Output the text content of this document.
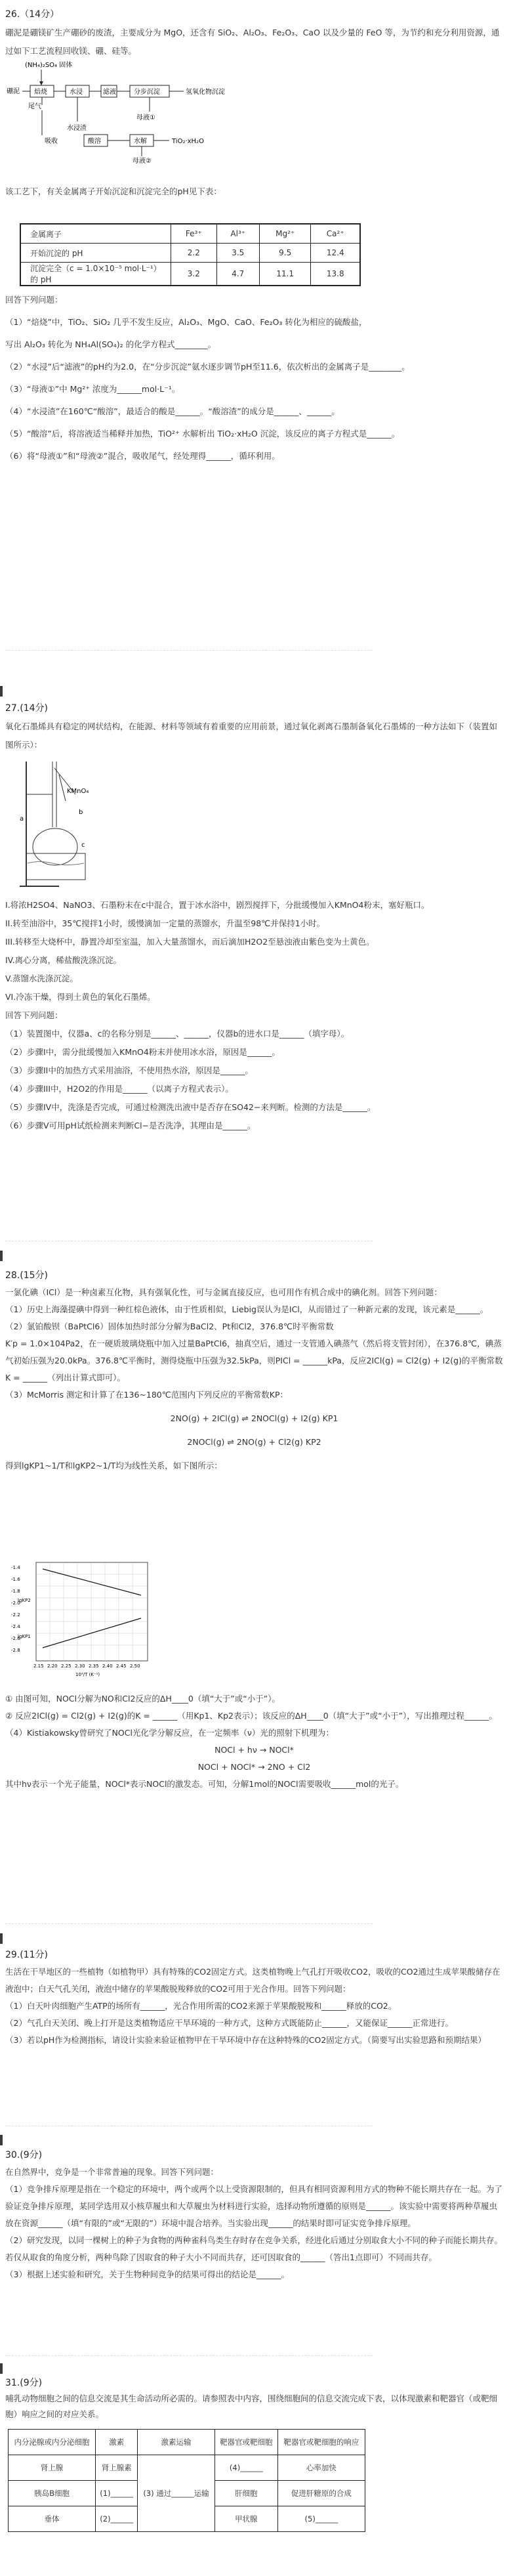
26.（14分）

硼泥是硼镁矿生产硼砂的废渣，主要成分为 MgO，还含有 SiO₂、Al₂O₃、Fe₂O₃、CaO 以及少量的 FeO 等，为节约和充分利用资源，通过如下工艺流程回收镁、硼、硅等。

(NH₄)₂SO₄ 固体
硼泥 焙烧	水浸	滤液	分步沉淀	氢氧化物沉淀
尾气
水浸渣
母液①
酸溶	水解	TiO₂·xH₂O
母液②
吸收

该工艺下，有关金属离子开始沉淀和沉淀完全的pH见下表：

金属离子	Fe³⁺	Al³⁺	Mg²⁺	Ca²⁺
开始沉淀的 pH	2.2	3.5	9.5	12.4
沉淀完全（c = 1.0×10⁻⁵ mol·L⁻¹）的 pH	3.2	4.7	11.1	13.8

回答下列问题：

（1）“焙烧”中，TiO₂、SiO₂ 几乎不发生反应，Al₂O₃、MgO、CaO、Fe₂O₃ 转化为相应的硫酸盐，

写出 Al₂O₃ 转化为 NH₄Al(SO₄)₂ 的化学方程式________。

（2）“水浸”后“滤液”的pH约为2.0，在“分步沉淀”氨水逐步调节pH至11.6，依次析出的金属离子是________。

（3）“母液①”中 Mg²⁺ 浓度为______mol·L⁻¹。

（4）“水浸渣”在160℃“酸溶”，最适合的酸是______。“酸溶渣”的成分是______、______。

（5）“酸溶”后，将溶液适当稀释并加热，TiO²⁺ 水解析出 TiO₂·xH₂O 沉淀，该反应的离子方程式是______。

（6）将“母液①”和“母液②”混合，吸收尾气，经处理得______，循环利用。

27.(14分)

氧化石墨烯具有稳定的网状结构，在能源、材料等领域有着重要的应用前景，通过氧化剥离石墨制备氧化石墨烯的一种方法如下（装置如图所示）：

KMnO₄
a
b
c

I.将浓H2SO4、NaNO3、石墨粉末在c中混合，置于冰水浴中，剧烈搅拌下，分批缓慢加入KMnO4粉末，塞好瓶口。

II.转至油浴中，35℃搅拌1小时，缓慢滴加一定量的蒸馏水，升温至98℃并保持1小时。

III.转移至大烧杯中，静置冷却至室温，加入大量蒸馏水，而后滴加H2O2至悬浊液由紫色变为土黄色。

IV.离心分离，稀盐酸洗涤沉淀。

V.蒸馏水洗涤沉淀。

VI.冷冻干燥，得到土黄色的氧化石墨烯。

回答下列问题：

（1）装置图中，仪器a、c的名称分别是______、______，仪器b的进水口是______（填字母）。

（2）步骤I中，需分批缓慢加入KMnO4粉末并使用冰水浴，原因是______。

（3）步骤II中的加热方式采用油浴，不使用热水浴，原因是______。

（4）步骤III中，H2O2的作用是______（以离子方程式表示）。

（5）步骤IV中，洗涤是否完成，可通过检测洗出液中是否存在SO42−来判断。检测的方法是______。

（6）步骤V可用pH试纸检测来判断Cl−是否洗净，其理由是______。

28.(15分)

一氯化碘（ICl）是一种卤素互化物，具有强氧化性，可与金属直接反应，也可用作有机合成中的碘化剂。回答下列问题：

（1）历史上海藻提碘中得到一种红棕色液体，由于性质相似，Liebig误认为是ICl，从而错过了一种新元素的发现，该元素是______。

（2）氯铂酸钡（BaPtCl6）固体加热时部分分解为BaCl2、Pt和Cl2，376.8℃时平衡常数

K′p = 1.0×104Pa2，在一硬质玻璃烧瓶中加入过量BaPtCl6，抽真空后，通过一支管通入碘蒸气（然后将支管封闭），在376.8℃，碘蒸气初始压强为20.0kPa。376.8℃平衡时，测得烧瓶中压强为32.5kPa，则PICl = ______kPa，反应2ICl(g) = Cl2(g) + I2(g)的平衡常数K = ______（列出计算式即可）。

（3）McMorris 测定和计算了在136~180℃范围内下列反应的平衡常数KP：

2NO(g) + 2ICl(g) ⇌ 2NOCl(g) + I2(g) KP1

2NOCl(g) ⇌ 2NO(g) + Cl2(g) KP2

得到lgKP1~1/T和lgKP2~1/T均为线性关系，如下图所示：

-1.4
-1.6
-1.8
-2.0
-2.2
-2.4
-2.6
-2.8
lgKP2
lgKP1
2.15 2.20 2.25 2.30 2.35 2.40 2.45 2.50
10³/T (K⁻¹)

① 由图可知，NOCl分解为NO和Cl2反应的ΔH____0（填“大于”或“小于”）。

② 反应2ICl(g) = Cl2(g) + I2(g)的K = ______（用Kp1、Kp2表示）；该反应的ΔH____0（填“大于”或“小于”），写出推理过程______。

（4）Kistiakowsky曾研究了NOCl光化学分解反应，在一定频率（ν）光的照射下机理为：

NOCl + hν → NOCl*

NOCl + NOCl* → 2NO + Cl2

其中hν表示一个光子能量，NOCl*表示NOCl的激发态。可知，分解1mol的NOCl需要吸收______mol的光子。

29.(11分)

生活在干旱地区的一些植物（如植物甲）具有特殊的CO2固定方式。这类植物晚上气孔打开吸收CO2，吸收的CO2通过生成苹果酸储存在液泡中；白天气孔关闭，液泡中储存的苹果酸脱羧释放的CO2可用于光合作用。回答下列问题：

（1）白天叶肉细胞产生ATP的场所有______，光合作用所需的CO2来源于苹果酸脱羧和______释放的CO2。

（2）气孔白天关闭、晚上打开是这类植物适应干旱环境的一种方式，这种方式既能防止______，又能保证______正常进行。

（3）若以pH作为检测指标，请设计实验来验证植物甲在干旱环境中存在这种特殊的CO2固定方式。（简要写出实验思路和预期结果）

30.(9分)

在自然界中，竞争是一个非常普遍的现象。回答下列问题：

（1）竞争排斥原理是指在一个稳定的环境中，两个或两个以上受资源限制的，但具有相同资源利用方式的物种不能长期共存在一起。为了验证竞争排斥原理，某同学选用双小核草履虫和大草履虫为材料进行实验，选择动物所遵循的原则是______。该实验中需要将两种草履虫放在资源______（填“有限的”或“无限的”）环境中混合培养。当实验出现______的结果时即可证实竞争排斥原理。

（2）研究发现，以同一棵树上的种子为食物的两种雀科鸟类生存时存在竞争关系，经进化后通过分别取食大小不同的种子而能长期共存。若仅从取食的角度分析，两种鸟除了因取食的种子大小不同而共存，还可因取食的______（答出1点即可）不同而共存。

（3）根据上述实验和研究，关于生物种间竞争的结果可得出的结论是______。

31.(9分)

哺乳动物细胞之间的信息交流是其生命活动所必需的。请参照表中内容，围绕细胞间的信息交流完成下表，以体现激素和靶器官（或靶细胞）响应之间的对应关系。

内分泌腺或内分泌细胞	激素	激素运输	靶器官或靶细胞	靶器官或靶细胞的响应
肾上腺	肾上腺素	(3) 通过______运输	(4)______	心率加快
胰岛B细胞	(1)______		肝细胞	促进肝糖原的合成
垂体	(2)______		甲状腺	(5)______
